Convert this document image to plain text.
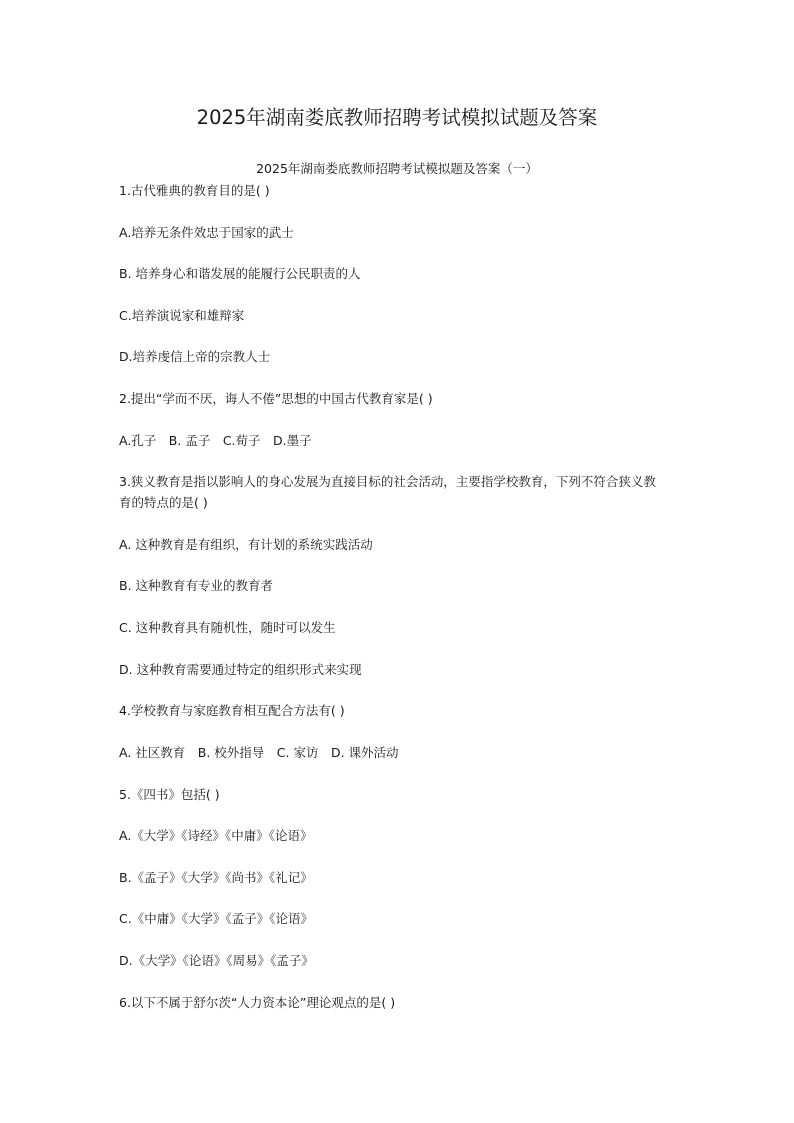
2025年湖南娄底教师招聘考试模拟试题及答案

2025年湖南娄底教师招聘考试模拟题及答案（一）

1.古代雅典的教育目的是( )

A.培养无条件效忠于国家的武士

B. 培养身心和谐发展的能履行公民职责的人

C.培养演说家和雄辩家

D.培养虔信上帝的宗教人士

2.提出“学而不厌，诲人不倦”思想的中国古代教育家是( )

A.孔子　B. 孟子　C.荀子　D.墨子

3.狭义教育是指以影响人的身心发展为直接目标的社会活动，主要指学校教育，下列不符合狭义教育的特点的是( )

A. 这种教育是有组织，有计划的系统实践活动

B. 这种教育有专业的教育者

C. 这种教育具有随机性，随时可以发生

D. 这种教育需要通过特定的组织形式来实现

4.学校教育与家庭教育相互配合方法有( )

A. 社区教育　B. 校外指导　C. 家访　D. 课外活动

5.《四书》包括( )

A.《大学》《诗经》《中庸》《论语》

B.《孟子》《大学》《尚书》《礼记》

C.《中庸》《大学》《孟子》《论语》

D.《大学》《论语》《周易》《孟子》

6.以下不属于舒尔茨“人力资本论”理论观点的是( )
